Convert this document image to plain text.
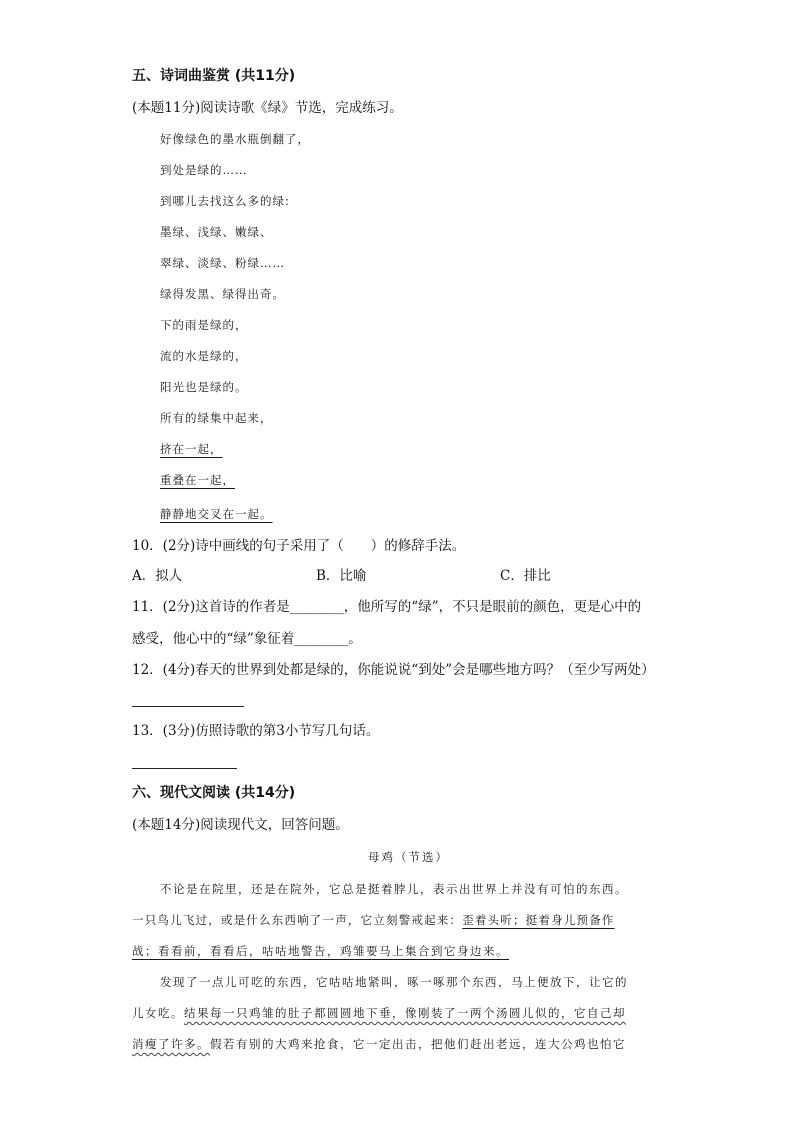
五、诗词曲鉴赏 (共11分)
(本题11分)阅读诗歌《绿》节选，完成练习。
好像绿色的墨水瓶倒翻了，
到处是绿的……
到哪儿去找这么多的绿:
墨绿、浅绿、嫩绿、
翠绿、淡绿、粉绿……
绿得发黑、绿得出奇。
下的雨是绿的，
流的水是绿的，
阳光也是绿的。
所有的绿集中起来，
挤在一起，
重叠在一起，
静静地交叉在一起。
10．(2分)诗中画线的句子采用了（　　）的修辞手法。
A．拟人	B．比喻	C．排比
11．(2分)这首诗的作者是________，他所写的“绿”，不只是眼前的颜色，更是心中的
感受，他心中的“绿”象征着________。
12．(4分)春天的世界到处都是绿的，你能说说“到处”会是哪些地方吗？（至少写两处）
13．(3分)仿照诗歌的第3小节写几句话。
六、现代文阅读 (共14分)
(本题14分)阅读现代文，回答问题。
母鸡（节选）
不论是在院里，还是在院外，它总是挺着脖儿，表示出世界上并没有可怕的东西。
一只鸟儿飞过，或是什么东西响了一声，它立刻警戒起来：歪着头听；挺着身儿预备作
战；看看前，看看后，咕咕地警告，鸡雏要马上集合到它身边来。
发现了一点儿可吃的东西，它咕咕地紧叫，啄一啄那个东西，马上便放下，让它的
儿女吃。结果每一只鸡雏的肚子都圆圆地下垂，像刚装了一两个汤圆儿似的，它自己却
消瘦了许多。假若有别的大鸡来抢食，它一定出击，把他们赶出老远，连大公鸡也怕它
